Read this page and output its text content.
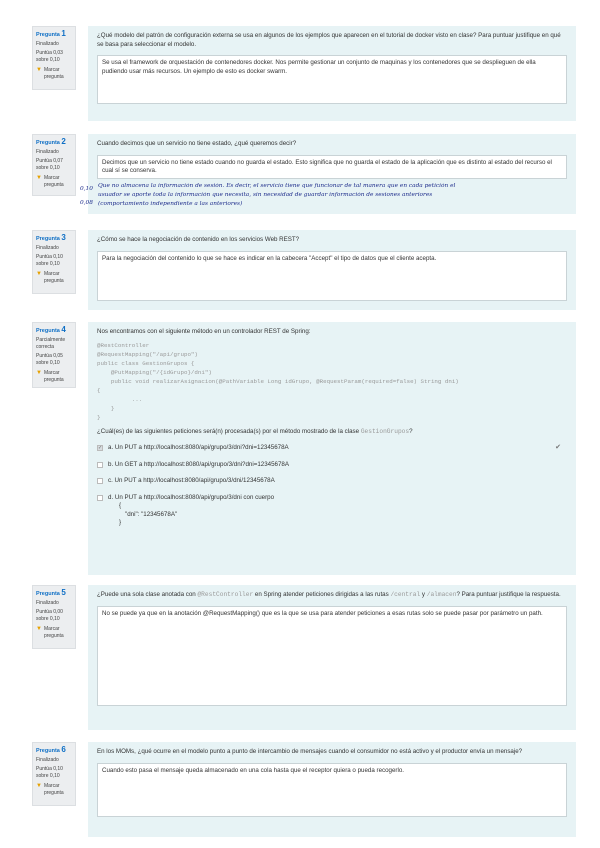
Pregunta 1
Finalizado
Puntúa 0,03 sobre 0,10
▼ Marcar pregunta
¿Qué modelo del patrón de configuración externa se usa en algunos de los ejemplos que aparecen en el tutorial de docker visto en clase? Para puntuar justifique en qué se basa para seleccionar el modelo.
Se usa el framework de orquestación de contenedores docker. Nos permite gestionar un conjunto de maquinas y los contenedores que se desplieguen de ella pudiendo usar más recursos. Un ejemplo de esto es docker swarm.
Pregunta 2
Finalizado
Puntúa 0,07 sobre 0,10
▼ Marcar pregunta
Cuando decimos que un servicio no tiene estado, ¿qué queremos decir?
Decimos que un servicio no tiene estado cuando no guarda el estado. Esto significa que no guarda el estado de la aplicación que es distinto al estado del recurso el cual sí se conserva.
0,10
0,08
Que no almacena la información de sesión. Es decir, el servicio tiene que funcionar de tal manera que en cada petición el
usuador se aporte toda la información que necesita, sin necesidad de guardar información de sesiones anteriores
(comportamiento independiente a las anteriores)
Pregunta 3
Finalizado
Puntúa 0,10 sobre 0,10
▼ Marcar pregunta
¿Cómo se hace la negociación de contenido en los servicios Web REST?
Para la negociación del contenido lo que se hace es indicar en la cabecera "Accept" el tipo de datos que el cliente acepta.
Pregunta 4
Parcialmente correcta
Puntúa 0,05 sobre 0,10
▼ Marcar pregunta
Nos encontramos con el siguiente método en un controlador REST de Spring:
@RestController
@RequestMapping("/api/grupo")
public class GestionGrupos {
@PutMapping("/{idGrupo}/dni")
public void realizarAsignacion(@PathVariable Long idGrupo, @RequestParam(required=false) String dni)
{
...
}
}
¿Cuál(es) de las siguientes peticiones será(n) procesada(s) por el método mostrado de la clase GestionGrupos?
✓ a. Un PUT a http://localhost:8080/api/grupo/3/dni?dni=12345678A	✔
b. Un GET a http://localhost:8080/api/grupo/3/dni?dni=12345678A
c. Un PUT a http://localhost:8080/api/grupo/3/dni/12345678A
d. Un PUT a http://localhost:8080/api/grupo/3/dni con cuerpo
{
"dni": "12345678A"
}
Pregunta 5
Finalizado
Puntúa 0,00 sobre 0,10
▼ Marcar pregunta
¿Puede una sola clase anotada con @RestController en Spring atender peticiones dirigidas a las rutas /central y /almacen? Para puntuar justifique la respuesta.
No se puede ya que en la anotación @RequestMapping() que es la que se usa para atender peticiones a esas rutas solo se puede pasar por parámetro un path.
Pregunta 6
Finalizado
Puntúa 0,10 sobre 0,10
▼ Marcar pregunta
En los MOMs, ¿qué ocurre en el modelo punto a punto de intercambio de mensajes cuando el consumidor no está activo y el productor envía un mensaje?
Cuando esto pasa el mensaje queda almacenado en una cola hasta que el receptor quiera o pueda recogerlo.
